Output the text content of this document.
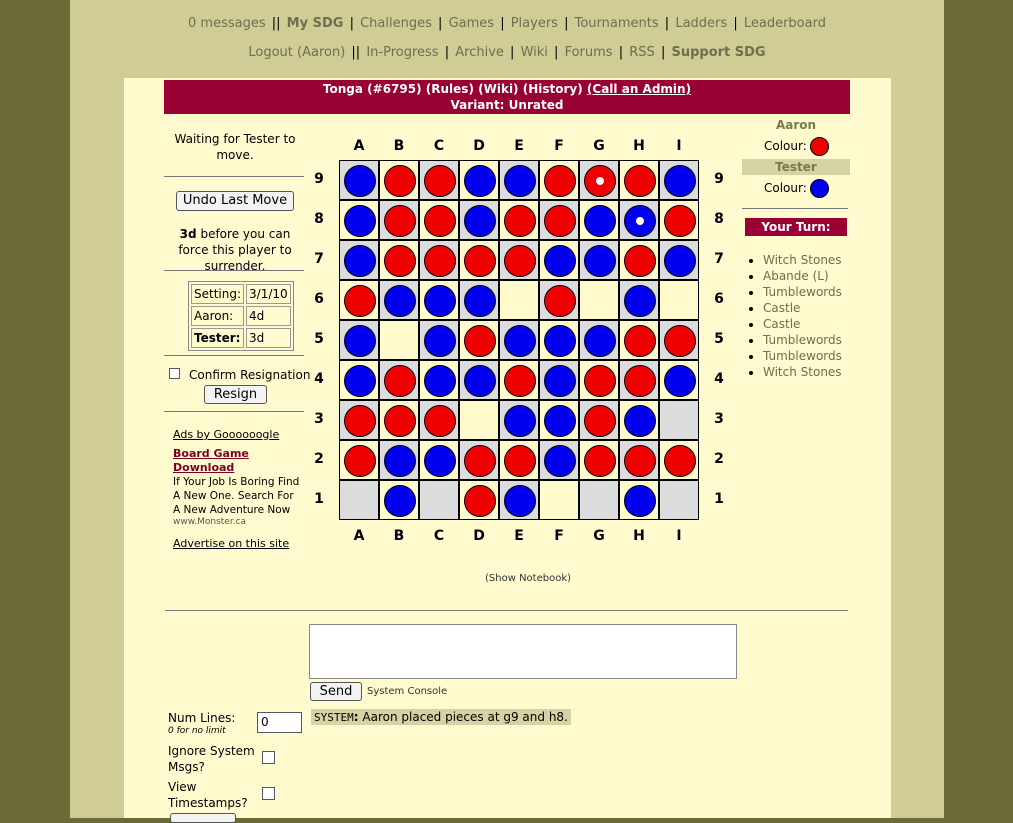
0 messages || My SDG | Challenges | Games | Players | Tournaments | Ladders | Leaderboard
Logout (Aaron) || In-Progress | Archive | Wiki | Forums | RSS | Support SDG
Tonga (#6795) (Rules) (Wiki) (History) (Call an Admin)
Variant: Unrated
Waiting for Tester to move.
Undo Last Move
3d before you can force this player to surrender.
Setting:	3/1/10
Aaron:	4d
Tester:	3d
Confirm Resignation
Resign
Ads by Goooooogle
Board Game
Download
If Your Job Is Boring Find
A New One. Search For
A New Adventure Now
www.Monster.ca
Advertise on this site
A
A
B
B
C
C
D
D
E
E
F
F
G
G
H
H
I
I
9	9
8	8
7	7
6	6
5	5
4	4
3	3
2	2
1	1
Aaron
Colour:
Tester
Colour:
Your Turn:
• Witch Stones
• Abande (L)
• Tumblewords
• Castle
• Castle
• Tumblewords
• Tumblewords
• Witch Stones
(Show Notebook)
Send	System Console
Num Lines:
0 for no limit
0
Ignore System
Msgs?
View
Timestamps?
SYSTEM: Aaron placed pieces at g9 and h8.
